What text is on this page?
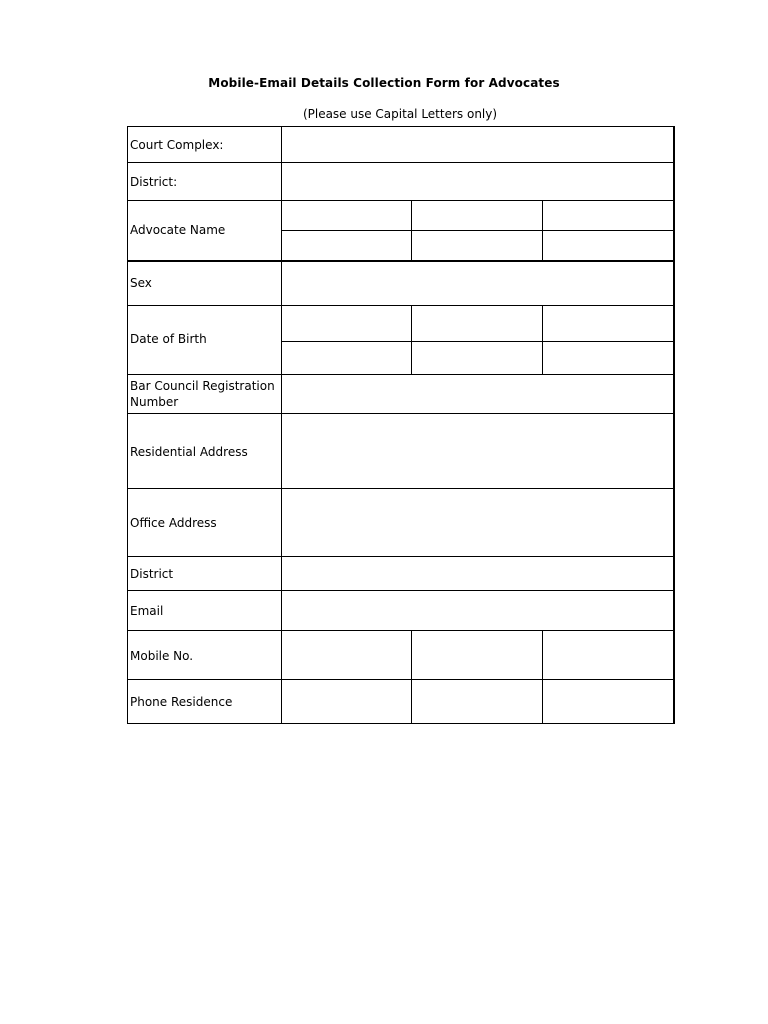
Mobile-Email Details Collection Form for Advocates
(Please use Capital Letters only)
Court Complex:
District:
Advocate Name
Sex
Date of Birth
Bar Council Registration Number
Residential Address
Office Address
District
Email
Mobile No.
Phone Residence
